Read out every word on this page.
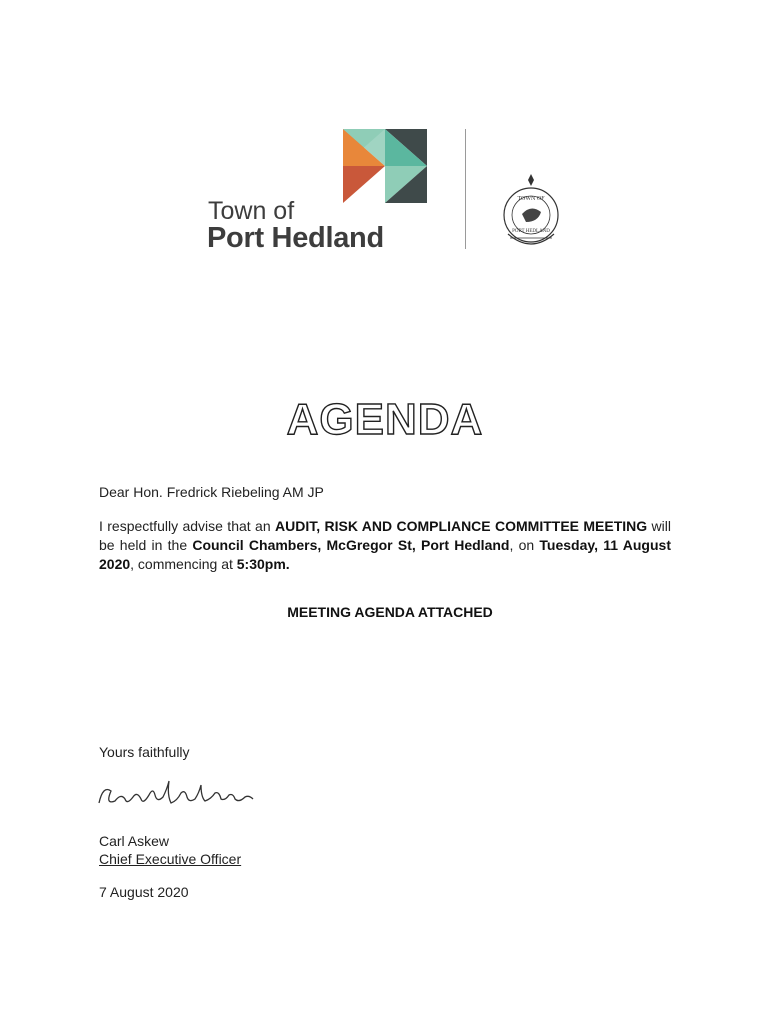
Town of
Port Hedland
TOWN OF
PORT HEDLAND
AGENDA
Dear Hon. Fredrick Riebeling AM JP
I respectfully advise that an AUDIT, RISK AND COMPLIANCE COMMITTEE MEETING will be held in the Council Chambers, McGregor St, Port Hedland, on Tuesday, 11 August 2020, commencing at 5:30pm.
MEETING AGENDA ATTACHED
Yours faithfully
Carl Askew
Chief Executive Officer
7 August 2020
